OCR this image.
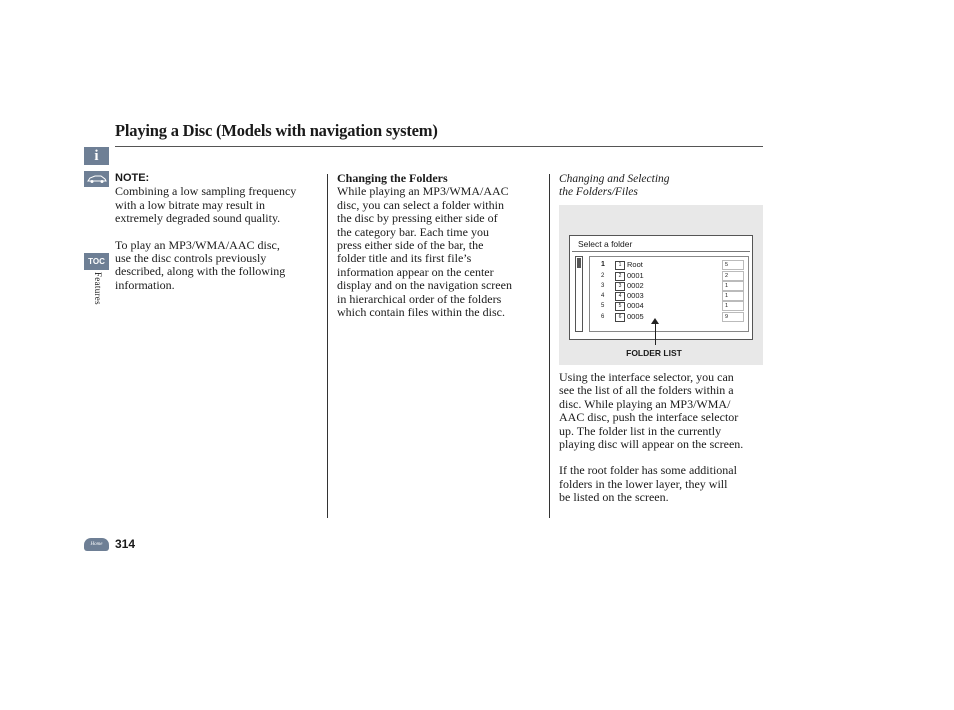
Playing a Disc (Models with navigation system)
i
TOC
Features
NOTE:
Combining a low sampling frequency
with a low bitrate may result in
extremely degraded sound quality.
To play an MP3/WMA/AAC disc,
use the disc controls previously
described, along with the following
information.
Changing the Folders
While playing an MP3/WMA/AAC
disc, you can select a folder within
the disc by pressing either side of
the category bar. Each time you
press either side of the bar, the
folder title and its first file’s
information appear on the center
display and on the navigation screen
in hierarchical order of the folders
which contain files within the disc.
Changing and Selecting
the Folders/Files
Select a folder
1	1 Root	5
2	2 0001	2
3	3 0002	1
4	4 0003	1
5	5 0004	1
6	6 0005	9
FOLDER LIST
Using the interface selector, you can
see the list of all the folders within a
disc. While playing an MP3/WMA/
AAC disc, push the interface selector
up. The folder list in the currently
playing disc will appear on the screen.
If the root folder has some additional
folders in the lower layer, they will
be listed on the screen.
Home 314
